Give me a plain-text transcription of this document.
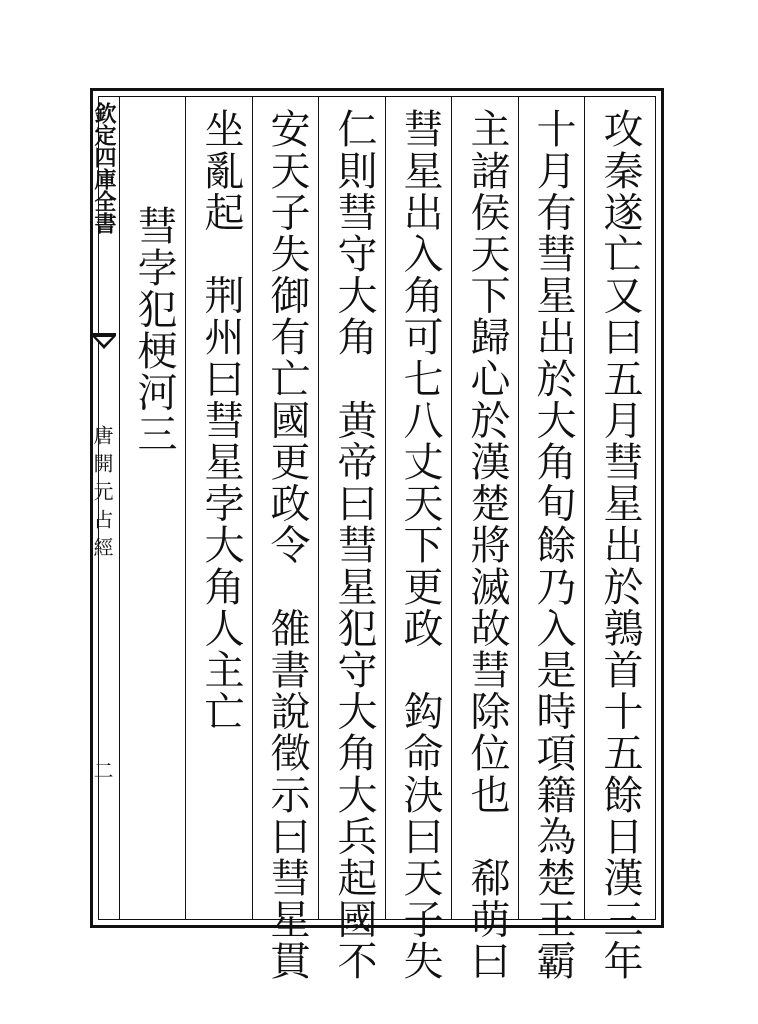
欽定四庫全書
唐開元占經
二	攻秦遂亡又曰五月彗星出於鶉首十五餘日漢三年
十月有彗星出於大角旬餘乃入是時項籍為楚王霸
主諸侯天下歸心於漢楚將滅故彗除位也　郗萌曰
彗星出入角可七八丈天下更政　鈎命決曰天子失
仁則彗守大角　黄帝曰彗星犯守大角大兵起國不
安天子失御有亡國更政令　雒書說徵示曰彗星貫
坐亂起　荆州曰彗星孛大角人主亡
彗孛犯梗河三
